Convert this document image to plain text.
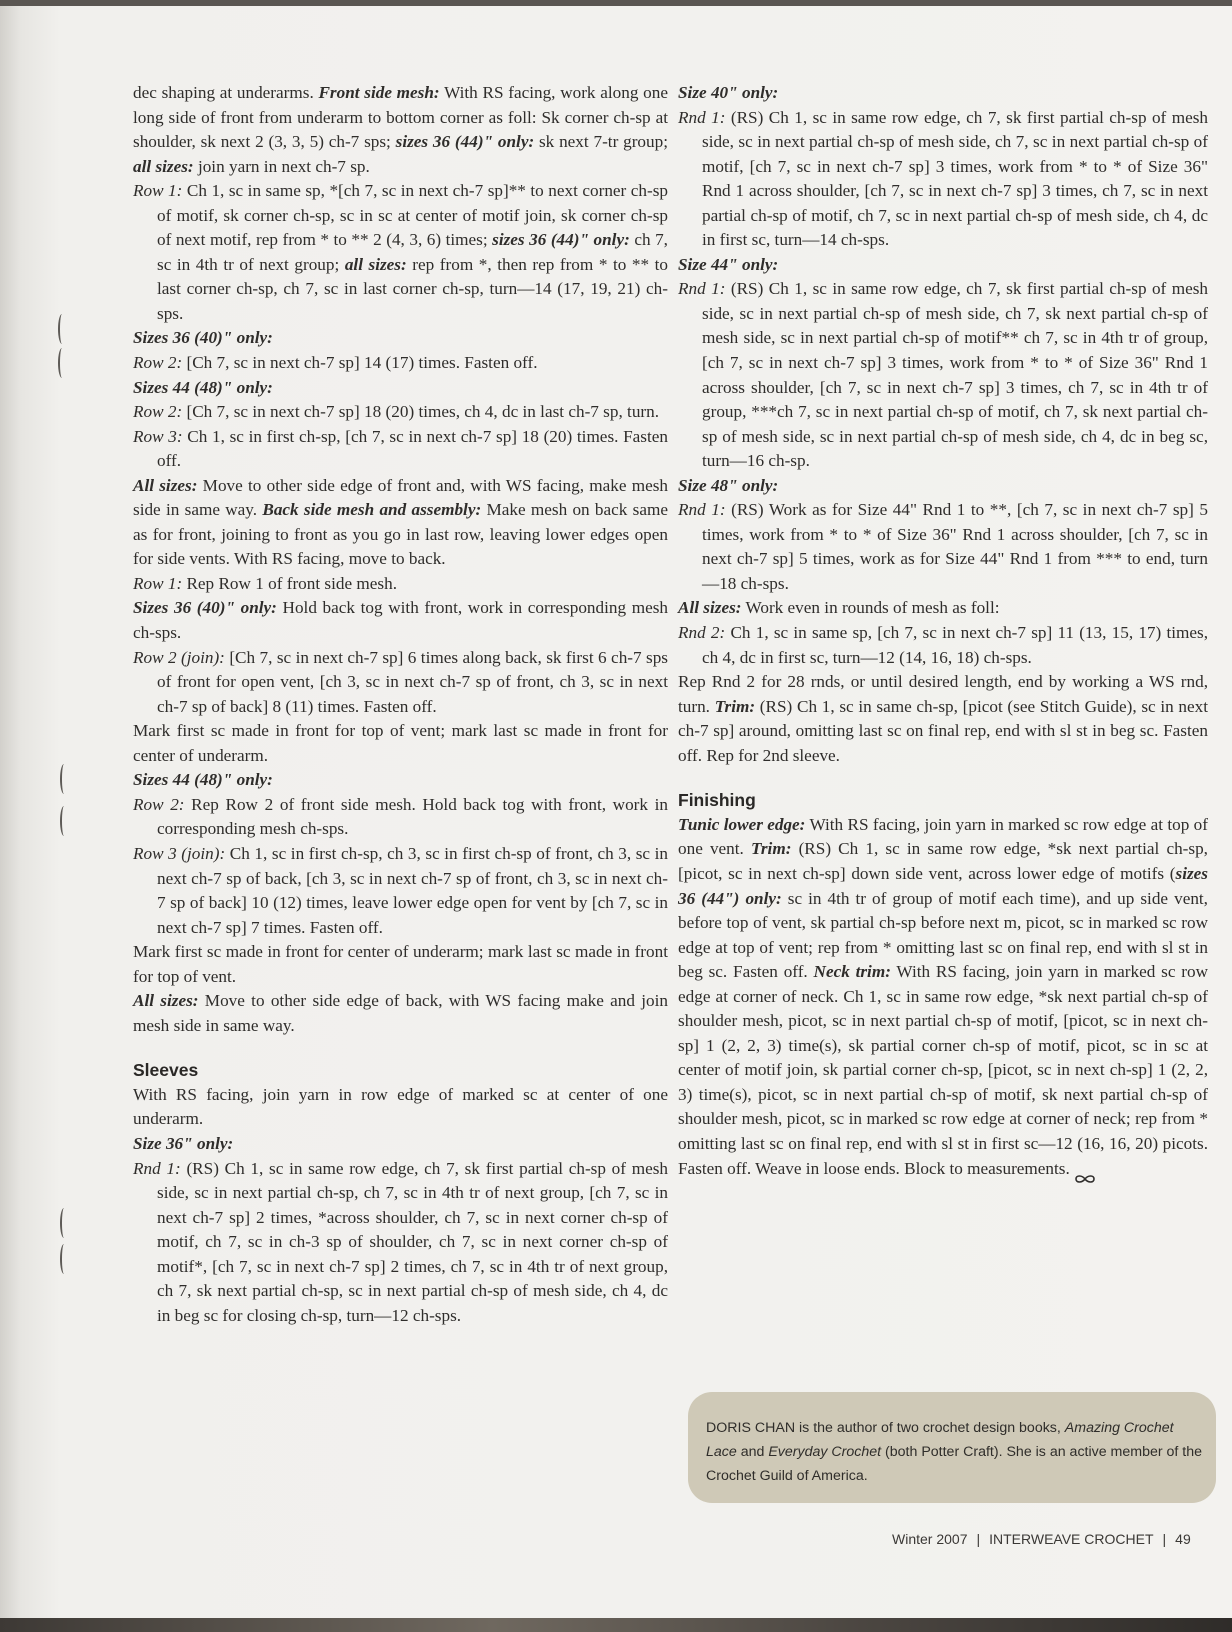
dec shaping at underarms. Front side mesh: With RS facing, work along one long side of front from underarm to bottom corner as foll: Sk corner ch-sp at shoulder, sk next 2 (3, 3, 5) ch-7 sps; sizes 36 (44)" only: sk next 7-tr group; all sizes: join yarn in next ch-7 sp.

Row 1: Ch 1, sc in same sp, *[ch 7, sc in next ch-7 sp]** to next corner ch-sp of motif, sk corner ch-sp, sc in sc at center of motif join, sk corner ch-sp of next motif, rep from * to ** 2 (4, 3, 6) times; sizes 36 (44)" only: ch 7, sc in 4th tr of next group; all sizes: rep from *, then rep from * to ** to last corner ch-sp, ch 7, sc in last corner ch-sp, turn—14 (17, 19, 21) ch-sps.

Sizes 36 (40)" only:

Row 2: [Ch 7, sc in next ch-7 sp] 14 (17) times. Fasten off.

Sizes 44 (48)" only:

Row 2: [Ch 7, sc in next ch-7 sp] 18 (20) times, ch 4, dc in last ch-7 sp, turn.

Row 3: Ch 1, sc in first ch-sp, [ch 7, sc in next ch-7 sp] 18 (20) times. Fasten off.

All sizes: Move to other side edge of front and, with WS facing, make mesh side in same way. Back side mesh and assembly: Make mesh on back same as for front, joining to front as you go in last row, leaving lower edges open for side vents. With RS facing, move to back.

Row 1: Rep Row 1 of front side mesh.

Sizes 36 (40)" only: Hold back tog with front, work in corresponding mesh ch-sps.

Row 2 (join): [Ch 7, sc in next ch-7 sp] 6 times along back, sk first 6 ch-7 sps of front for open vent, [ch 3, sc in next ch-7 sp of front, ch 3, sc in next ch-7 sp of back] 8 (11) times. Fasten off.

Mark first sc made in front for top of vent; mark last sc made in front for center of underarm.

Sizes 44 (48)" only:

Row 2: Rep Row 2 of front side mesh. Hold back tog with front, work in corresponding mesh ch-sps.

Row 3 (join): Ch 1, sc in first ch-sp, ch 3, sc in first ch-sp of front, ch 3, sc in next ch-7 sp of back, [ch 3, sc in next ch-7 sp of front, ch 3, sc in next ch-7 sp of back] 10 (12) times, leave lower edge open for vent by [ch 7, sc in next ch-7 sp] 7 times. Fasten off.

Mark first sc made in front for center of underarm; mark last sc made in front for top of vent.

All sizes: Move to other side edge of back, with WS facing make and join mesh side in same way.

Sleeves

With RS facing, join yarn in row edge of marked sc at center of one underarm.

Size 36" only:

Rnd 1: (RS) Ch 1, sc in same row edge, ch 7, sk first partial ch-sp of mesh side, sc in next partial ch-sp, ch 7, sc in 4th tr of next group, [ch 7, sc in next ch-7 sp] 2 times, *across shoulder, ch 7, sc in next corner ch-sp of motif, ch 7, sc in ch-3 sp of shoulder, ch 7, sc in next corner ch-sp of motif*, [ch 7, sc in next ch-7 sp] 2 times, ch 7, sc in 4th tr of next group, ch 7, sk next partial ch-sp, sc in next partial ch-sp of mesh side, ch 4, dc in beg sc for closing ch-sp, turn—12 ch-sps.

Size 40" only:

Rnd 1: (RS) Ch 1, sc in same row edge, ch 7, sk first partial ch-sp of mesh side, sc in next partial ch-sp of mesh side, ch 7, sc in next partial ch-sp of motif, [ch 7, sc in next ch-7 sp] 3 times, work from * to * of Size 36" Rnd 1 across shoulder, [ch 7, sc in next ch-7 sp] 3 times, ch 7, sc in next partial ch-sp of motif, ch 7, sc in next partial ch-sp of mesh side, ch 4, dc in first sc, turn—14 ch-sps.

Size 44" only:

Rnd 1: (RS) Ch 1, sc in same row edge, ch 7, sk first partial ch-sp of mesh side, sc in next partial ch-sp of mesh side, ch 7, sk next partial ch-sp of mesh side, sc in next partial ch-sp of motif** ch 7, sc in 4th tr of group, [ch 7, sc in next ch-7 sp] 3 times, work from * to * of Size 36" Rnd 1 across shoulder, [ch 7, sc in next ch-7 sp] 3 times, ch 7, sc in 4th tr of group, ***ch 7, sc in next partial ch-sp of motif, ch 7, sk next partial ch-sp of mesh side, sc in next partial ch-sp of mesh side, ch 4, dc in beg sc, turn—16 ch-sp.

Size 48" only:

Rnd 1: (RS) Work as for Size 44" Rnd 1 to **, [ch 7, sc in next ch-7 sp] 5 times, work from * to * of Size 36" Rnd 1 across shoulder, [ch 7, sc in next ch-7 sp] 5 times, work as for Size 44" Rnd 1 from *** to end, turn—18 ch-sps.

All sizes: Work even in rounds of mesh as foll:

Rnd 2: Ch 1, sc in same sp, [ch 7, sc in next ch-7 sp] 11 (13, 15, 17) times, ch 4, dc in first sc, turn—12 (14, 16, 18) ch-sps.

Rep Rnd 2 for 28 rnds, or until desired length, end by working a WS rnd, turn. Trim: (RS) Ch 1, sc in same ch-sp, [picot (see Stitch Guide), sc in next ch-7 sp] around, omitting last sc on final rep, end with sl st in beg sc. Fasten off. Rep for 2nd sleeve.

Finishing

Tunic lower edge: With RS facing, join yarn in marked sc row edge at top of one vent. Trim: (RS) Ch 1, sc in same row edge, *sk next partial ch-sp, [picot, sc in next ch-sp] down side vent, across lower edge of motifs (sizes 36 (44") only: sc in 4th tr of group of motif each time), and up side vent, before top of vent, sk partial ch-sp before next m, picot, sc in marked sc row edge at top of vent; rep from * omitting last sc on final rep, end with sl st in beg sc. Fasten off. Neck trim: With RS facing, join yarn in marked sc row edge at corner of neck. Ch 1, sc in same row edge, *sk next partial ch-sp of shoulder mesh, picot, sc in next partial ch-sp of motif, [picot, sc in next ch-sp] 1 (2, 2, 3) time(s), sk partial corner ch-sp of motif, picot, sc in sc at center of motif join, sk partial corner ch-sp, [picot, sc in next ch-sp] 1 (2, 2, 3) time(s), picot, sc in next partial ch-sp of motif, sk next partial ch-sp of shoulder mesh, picot, sc in marked sc row edge at corner of neck; rep from * omitting last sc on final rep, end with sl st in first sc—12 (16, 16, 20) picots. Fasten off. Weave in loose ends. Block to measurements.

DORIS CHAN is the author of two crochet design books, Amazing Crochet Lace and Everyday Crochet (both Potter Craft). She is an active member of the Crochet Guild of America.
Winter 2007 | INTERWEAVE CROCHET | 49
